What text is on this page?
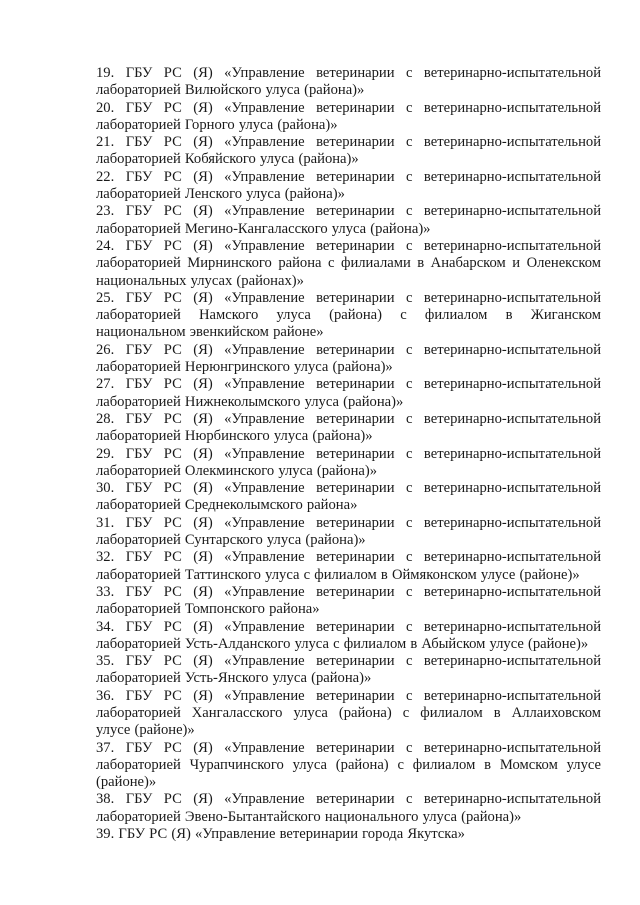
19. ГБУ РС (Я) «Управление ветеринарии с ветеринарно-испытательной
лабораторией Вилюйского улуса (района)»
20. ГБУ РС (Я) «Управление ветеринарии с ветеринарно-испытательной
лабораторией Горного улуса (района)»
21. ГБУ РС (Я) «Управление ветеринарии с ветеринарно-испытательной
лабораторией Кобяйского улуса (района)»
22. ГБУ РС (Я) «Управление ветеринарии с ветеринарно-испытательной
лабораторией Ленского улуса (района)»
23. ГБУ РС (Я) «Управление ветеринарии с ветеринарно-испытательной
лабораторией Мегино-Кангаласского улуса (района)»
24. ГБУ РС (Я) «Управление ветеринарии с ветеринарно-испытательной
лабораторией Мирнинского района с филиалами в Анабарском и Оленекском
национальных улусах (районах)»
25. ГБУ РС (Я) «Управление ветеринарии с ветеринарно-испытательной
лабораторией Намского улуса (района) с филиалом в Жиганском
национальном эвенкийском районе»
26. ГБУ РС (Я) «Управление ветеринарии с ветеринарно-испытательной
лабораторией Нерюнгринского улуса (района)»
27. ГБУ РС (Я) «Управление ветеринарии с ветеринарно-испытательной
лабораторией Нижнеколымского улуса (района)»
28. ГБУ РС (Я) «Управление ветеринарии с ветеринарно-испытательной
лабораторией Нюрбинского улуса (района)»
29. ГБУ РС (Я) «Управление ветеринарии с ветеринарно-испытательной
лабораторией Олекминского улуса (района)»
30. ГБУ РС (Я) «Управление ветеринарии с ветеринарно-испытательной
лабораторией Среднеколымского района»
31. ГБУ РС (Я) «Управление ветеринарии с ветеринарно-испытательной
лабораторией Сунтарского улуса (района)»
32. ГБУ РС (Я) «Управление ветеринарии с ветеринарно-испытательной
лабораторией Таттинского улуса с филиалом в Оймяконском улусе (районе)»
33. ГБУ РС (Я) «Управление ветеринарии с ветеринарно-испытательной
лабораторией Томпонского района»
34. ГБУ РС (Я) «Управление ветеринарии с ветеринарно-испытательной
лабораторией Усть-Алданского улуса с филиалом в Абыйском улусе (районе)»
35. ГБУ РС (Я) «Управление ветеринарии с ветеринарно-испытательной
лабораторией Усть-Янского улуса (района)»
36. ГБУ РС (Я) «Управление ветеринарии с ветеринарно-испытательной
лабораторией Хангаласского улуса (района) с филиалом в Аллаиховском
улусе (районе)»
37. ГБУ РС (Я) «Управление ветеринарии с ветеринарно-испытательной
лабораторией Чурапчинского улуса (района) с филиалом в Момском улусе
(районе)»
38. ГБУ РС (Я) «Управление ветеринарии с ветеринарно-испытательной
лабораторией Эвено-Бытантайского национального улуса (района)»
39. ГБУ РС (Я) «Управление ветеринарии города Якутска»
